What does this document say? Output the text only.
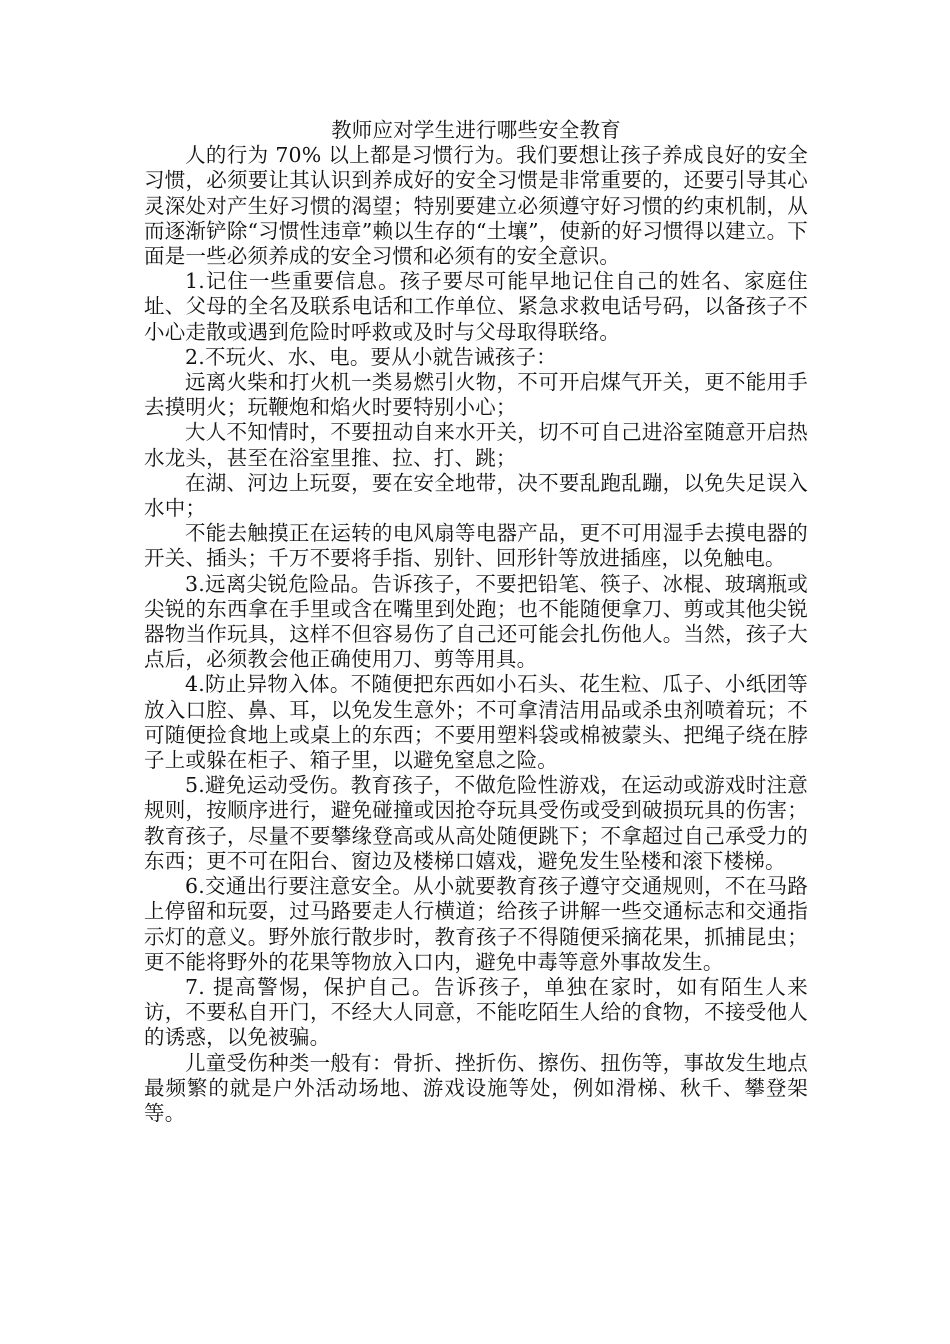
教师应对学生进行哪些安全教育

人的行为 70% 以上都是习惯行为。我们要想让孩子养成良好的安全习惯，必须要让其认识到养成好的安全习惯是非常重要的，还要引导其心灵深处对产生好习惯的渴望；特别要建立必须遵守好习惯的约束机制，从而逐渐铲除“习惯性违章”赖以生存的“土壤”，使新的好习惯得以建立。下面是一些必须养成的安全习惯和必须有的安全意识。

1.记住一些重要信息。孩子要尽可能早地记住自己的姓名、家庭住址、父母的全名及联系电话和工作单位、紧急求救电话号码，以备孩子不小心走散或遇到危险时呼救或及时与父母取得联络。

2.不玩火、水、电。要从小就告诫孩子：

远离火柴和打火机一类易燃引火物，不可开启煤气开关，更不能用手去摸明火；玩鞭炮和焰火时要特别小心；

大人不知情时，不要扭动自来水开关，切不可自己进浴室随意开启热水龙头，甚至在浴室里推、拉、打、跳；

在湖、河边上玩耍，要在安全地带，决不要乱跑乱蹦，以免失足误入水中；

不能去触摸正在运转的电风扇等电器产品，更不可用湿手去摸电器的开关、插头；千万不要将手指、别针、回形针等放进插座，以免触电。

3.远离尖锐危险品。告诉孩子，不要把铅笔、筷子、冰棍、玻璃瓶或尖锐的东西拿在手里或含在嘴里到处跑；也不能随便拿刀、剪或其他尖锐器物当作玩具，这样不但容易伤了自己还可能会扎伤他人。当然，孩子大点后，必须教会他正确使用刀、剪等用具。

4.防止异物入体。不随便把东西如小石头、花生粒、瓜子、小纸团等放入口腔、鼻、耳，以免发生意外；不可拿清洁用品或杀虫剂喷着玩；不可随便捡食地上或桌上的东西；不要用塑料袋或棉被蒙头、把绳子绕在脖子上或躲在柜子、箱子里，以避免窒息之险。

5.避免运动受伤。教育孩子，不做危险性游戏，在运动或游戏时注意规则，按顺序进行，避免碰撞或因抢夺玩具受伤或受到破损玩具的伤害；教育孩子，尽量不要攀缘登高或从高处随便跳下；不拿超过自己承受力的东西；更不可在阳台、窗边及楼梯口嬉戏，避免发生坠楼和滚下楼梯。

6.交通出行要注意安全。从小就要教育孩子遵守交通规则，不在马路上停留和玩耍，过马路要走人行横道；给孩子讲解一些交通标志和交通指示灯的意义。野外旅行散步时，教育孩子不得随便采摘花果，抓捕昆虫；更不能将野外的花果等物放入口内，避免中毒等意外事故发生。

7. 提高警惕，保护自己。告诉孩子，单独在家时，如有陌生人来访，不要私自开门，不经大人同意，不能吃陌生人给的食物，不接受他人的诱惑，以免被骗。

儿童受伤种类一般有：骨折、挫折伤、擦伤、扭伤等，事故发生地点最频繁的就是户外活动场地、游戏设施等处，例如滑梯、秋千、攀登架等。
